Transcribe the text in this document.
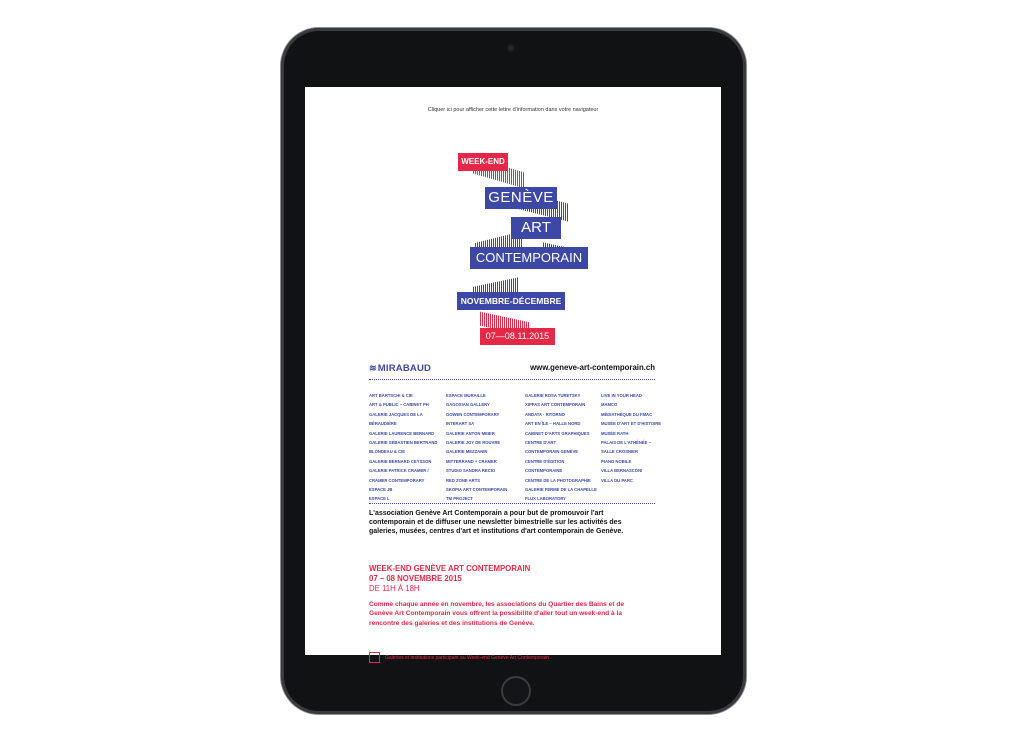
Cliquer ici pour afficher cette lettre d'information dans votre navigateur
WEEK-END
GENÈVE
ART
CONTEMPORAIN
NOVEMBRE-DÉCEMBRE
07—08.11.2015
≋MIRABAUD	www.geneve-art-contemporain.ch
ART BÄRTSCHI & CIE
ART & PUBLIC – CABINET PH
GALERIE JACQUES DE LA
BÉRAUDIÈRE
GALERIE LAURENCE BERNARD
GALERIE SÉBASTIEN BERTRAND
BLONDEAU & CIE
GALERIE BERNARD CEYSSON
GALERIE PATRICK CRAMER /
CRAMER CONTEMPORARY
ESPACE JB
ESPACE L
ESPACE MURAILLE
GAGOSIAN GALLERY
GOWEN CONTEMPORARY
INTERART SA
GALERIE ANTON MEIER
GALERIE JOY DE ROUVRE
GALERIE MEZZANIN
MITTERRAND + CRAMER
STUDIO SANDRA RECIO
RED ZONE ARTS
SKOPIA ART CONTEMPORAIN
TM PROJECT
GALERIE ROSA TURETSKY
XIPPAS ART CONTEMPORAIN
ANDATA · RITORNO
ART EN ÎLE – HALLE NORD
CABINET D'ARTS GRAPHIQUES
CENTRE D'ART
CONTEMPORAIN GENÈVE
CENTRE D'ÉDITION
CONTEMPORAINE
CENTRE DE LA PHOTOGRAPHIE
GALERIE FERME DE LA CHAPELLE
FLUX LABORATORY
LIVE IN YOUR HEAD
MAMCO
MÉDIATHÈQUE DU FMAC
MUSÉE D'ART ET D'HISTOIRE
MUSÉE RATH
PALAIS DE L'ATHÉNÉE –
SALLE CROSNIER
PIANO NOBILE
VILLA BERNASCONI
VILLA DU PARC
L'association Genève Art Contemporain a pour but de promouvoir l'art contemporain et de diffuser une newsletter bimestrielle sur les activités des galeries, musées, centres d'art et institutions d'art contemporain de Genève.
WEEK-END GENÈVE ART CONTEMPORAIN
07 – 08 NOVEMBRE 2015
DE 11H À 18H
Comme chaque année en novembre, les associations du Quartier des Bains et de Genève Art Contemporain vous offrent la possibilité d'aller tout un week-end à la rencontre des galeries et des institutions de Genève.
Galeries et institutions participant au Week-end Genève Art Contemporain
